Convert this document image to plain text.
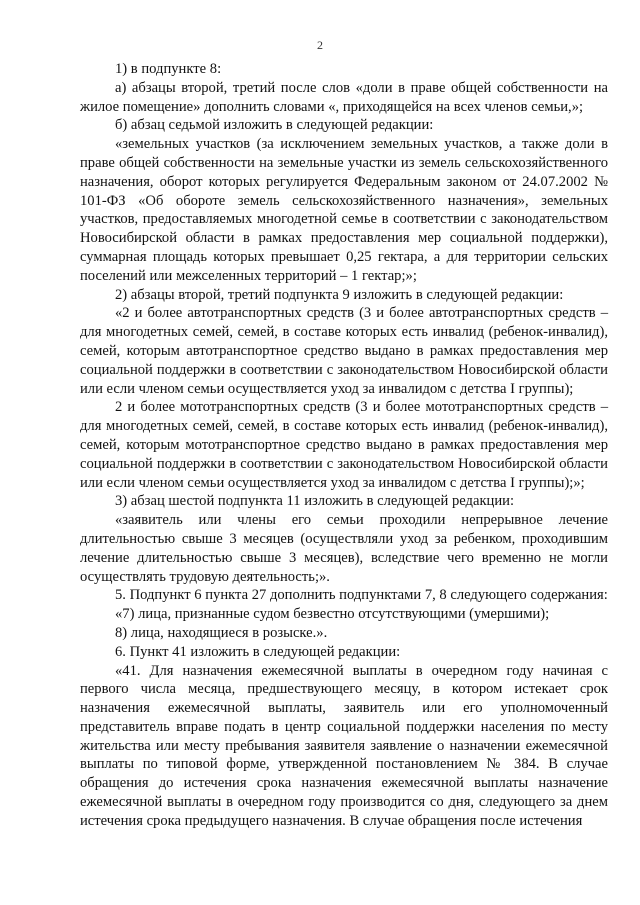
2

1) в подпункте 8:

а) абзацы второй, третий после слов «доли в праве общей собственности на жилое помещение» дополнить словами «, приходящейся на всех членов семьи,»;

б) абзац седьмой изложить в следующей редакции:

«земельных участков (за исключением земельных участков, а также доли в праве общей собственности на земельные участки из земель сельскохозяйственного назначения, оборот которых регулируется Федеральным законом от 24.07.2002 № 101-ФЗ «Об обороте земель сельскохозяйственного назначения», земельных участков, предоставляемых многодетной семье в соответствии с законодательством Новосибирской области в рамках предоставления мер социальной поддержки), суммарная площадь которых превышает 0,25 гектара, а для территории сельских поселений или межселенных территорий – 1 гектар;»;

2) абзацы второй, третий подпункта 9 изложить в следующей редакции:

«2 и более автотранспортных средств (3 и более автотранспортных средств – для многодетных семей, семей, в составе которых есть инвалид (ребенок-инвалид), семей, которым автотранспортное средство выдано в рамках предоставления мер социальной поддержки в соответствии с законодательством Новосибирской области или если членом семьи осуществляется уход за инвалидом с детства I группы);

2 и более мототранспортных средств (3 и более мототранспортных средств – для многодетных семей, семей, в составе которых есть инвалид (ребенок-инвалид), семей, которым мототранспортное средство выдано в рамках предоставления мер социальной поддержки в соответствии с законодательством Новосибирской области или если членом семьи осуществляется уход за инвалидом с детства I группы);»;

3) абзац шестой подпункта 11 изложить в следующей редакции:

«заявитель или члены его семьи проходили непрерывное лечение длительностью свыше 3 месяцев (осуществляли уход за ребенком, проходившим лечение длительностью свыше 3 месяцев), вследствие чего временно не могли осуществлять трудовую деятельность;».

5. Подпункт 6 пункта 27 дополнить подпунктами 7, 8 следующего содержания:

«7) лица, признанные судом безвестно отсутствующими (умершими);

8) лица, находящиеся в розыске.».

6. Пункт 41 изложить в следующей редакции:

«41. Для назначения ежемесячной выплаты в очередном году начиная с первого числа месяца, предшествующего месяцу, в котором истекает срок назначения ежемесячной выплаты, заявитель или его уполномоченный представитель вправе подать в центр социальной поддержки населения по месту жительства или месту пребывания заявителя заявление о назначении ежемесячной выплаты по типовой форме, утвержденной постановлением № 384. В случае обращения до истечения срока назначения ежемесячной выплаты назначение ежемесячной выплаты в очередном году производится со дня, следующего за днем истечения срока предыдущего назначения. В случае обращения после истечения
